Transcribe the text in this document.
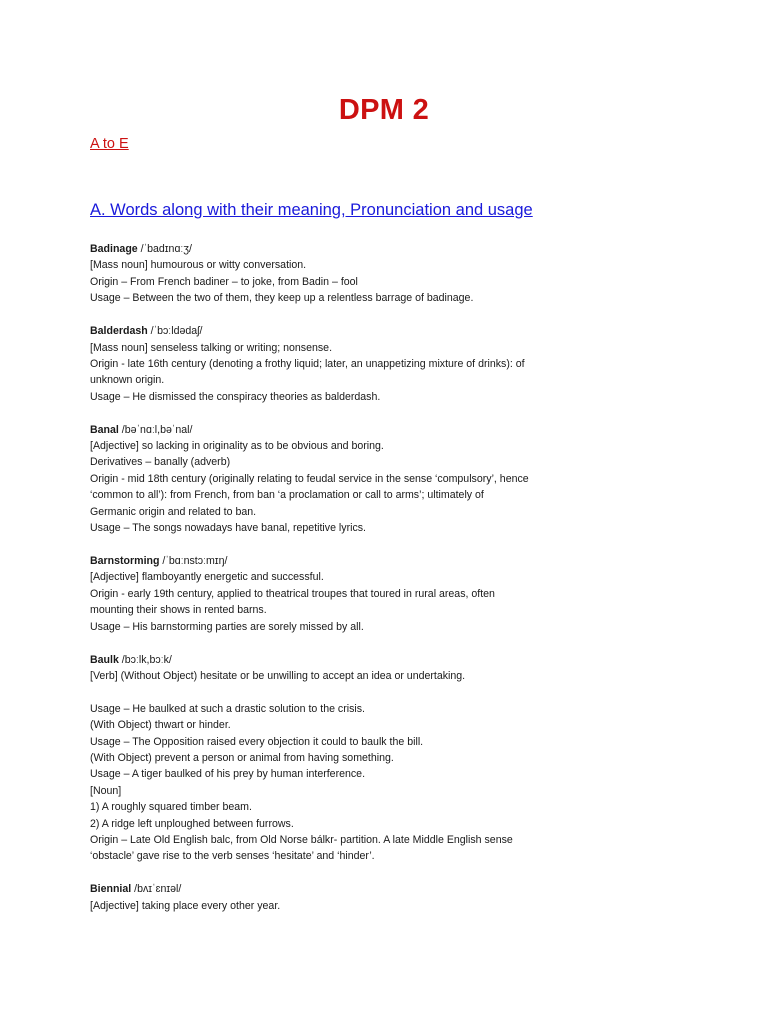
DPM 2
A to E
A. Words along with their meaning, Pronunciation and usage
Badinage /ˈbadɪnɑːʒ/
[Mass noun] humourous or witty conversation.
Origin – From French badiner – to joke, from Badin – fool
Usage – Between the two of them, they keep up a relentless barrage of badinage.
Balderdash /ˈbɔːldədaʃ/
[Mass noun] senseless talking or writing; nonsense.
Origin - late 16th century (denoting a frothy liquid; later, an unappetizing mixture of drinks): of
unknown origin.
Usage – He dismissed the conspiracy theories as balderdash.
Banal /bəˈnɑːl,bəˈnal/
[Adjective] so lacking in originality as to be obvious and boring.
Derivatives – banally (adverb)
Origin - mid 18th century (originally relating to feudal service in the sense ‘compulsory’, hence
‘common to all’): from French, from ban ‘a proclamation or call to arms’; ultimately of
Germanic origin and related to ban.
Usage – The songs nowadays have banal, repetitive lyrics.
Barnstorming /ˈbɑːnstɔːmɪŋ/
[Adjective] flamboyantly energetic and successful.
Origin - early 19th century, applied to theatrical troupes that toured in rural areas, often
mounting their shows in rented barns.
Usage – His barnstorming parties are sorely missed by all.
Baulk /bɔːlk,bɔːk/
[Verb] (Without Object) hesitate or be unwilling to accept an idea or undertaking.
Usage – He baulked at such a drastic solution to the crisis.
(With Object) thwart or hinder.
Usage – The Opposition raised every objection it could to baulk the bill.
(With Object) prevent a person or animal from having something.
Usage – A tiger baulked of his prey by human interference.
[Noun]
1) A roughly squared timber beam.
2) A ridge left unploughed between furrows.
Origin – Late Old English balc, from Old Norse bálkr- partition. A late Middle English sense
‘obstacle’ gave rise to the verb senses ‘hesitate’ and ‘hinder’.
Biennial /bʌɪˈɛnɪəl/
[Adjective] taking place every other year.
